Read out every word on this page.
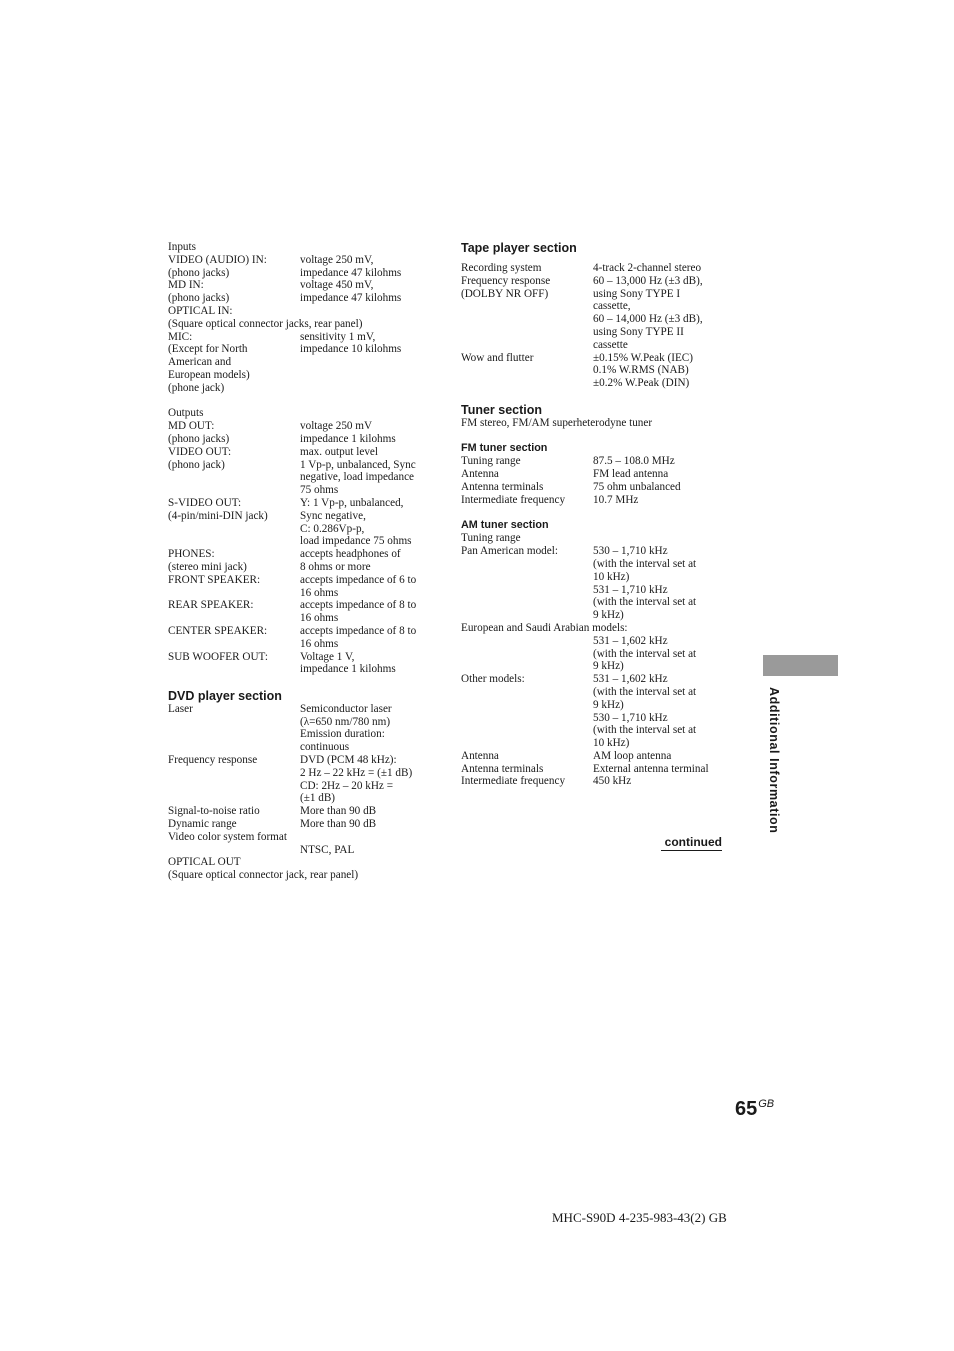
Inputs
VIDEO (AUDIO) IN:	voltage 250 mV,
(phono jacks)	impedance 47 kilohms
MD IN:	voltage 450 mV,
(phono jacks)	impedance 47 kilohms
OPTICAL IN:
(Square optical connector jacks, rear panel)
MIC:	sensitivity 1 mV,
(Except for North	impedance 10 kilohms
American and
European models)
(phone jack)
Outputs
MD OUT:	voltage 250 mV
(phono jacks)	impedance 1 kilohms
VIDEO OUT:	max. output level
(phono jack)	1 Vp-p, unbalanced, Sync
negative, load impedance
75 ohms
S-VIDEO OUT:	Y: 1 Vp-p, unbalanced,
(4-pin/mini-DIN jack)	Sync negative,
C: 0.286Vp-p,
load impedance 75 ohms
PHONES:	accepts headphones of
(stereo mini jack)	8 ohms or more
FRONT SPEAKER:	accepts impedance of 6 to
16 ohms
REAR SPEAKER:	accepts impedance of 8 to
16 ohms
CENTER SPEAKER:	accepts impedance of 8 to
16 ohms
SUB WOOFER OUT:	Voltage 1 V,
impedance 1 kilohms
DVD player section
Laser	Semiconductor laser
(λ=650 nm/780 nm)
Emission duration:
continuous
Frequency response	DVD (PCM 48 kHz):
2 Hz – 22 kHz = (±1 dB)
CD: 2Hz – 20 kHz =
(±1 dB)
Signal-to-noise ratio	More than 90 dB
Dynamic range	More than 90 dB
Video color system format
NTSC, PAL
OPTICAL OUT
(Square optical connector jack, rear panel)
Tape player section
Recording system	4-track 2-channel stereo
Frequency response	60 – 13,000 Hz (±3 dB),
(DOLBY NR OFF)	using Sony TYPE I
cassette,
60 – 14,000 Hz (±3 dB),
using Sony TYPE II
cassette
Wow and flutter	±0.15% W.Peak (IEC)
0.1% W.RMS (NAB)
±0.2% W.Peak (DIN)
Tuner section
FM stereo, FM/AM superheterodyne tuner
FM tuner section
Tuning range	87.5 – 108.0 MHz
Antenna	FM lead antenna
Antenna terminals	75 ohm unbalanced
Intermediate frequency	10.7 MHz
AM tuner section
Tuning range
Pan American model:	530 – 1,710 kHz
(with the interval set at
10 kHz)
531 – 1,710 kHz
(with the interval set at
9 kHz)
European and Saudi Arabian models:
531 – 1,602 kHz
(with the interval set at
9 kHz)
Other models:	531 – 1,602 kHz
(with the interval set at
9 kHz)
530 – 1,710 kHz
(with the interval set at
10 kHz)
Antenna	AM loop antenna
Antenna terminals	External antenna terminal
Intermediate frequency	450 kHz
continued
Additional Information
$65^{GB}$
MHC-S90D 4-235-983-43(2) GB
